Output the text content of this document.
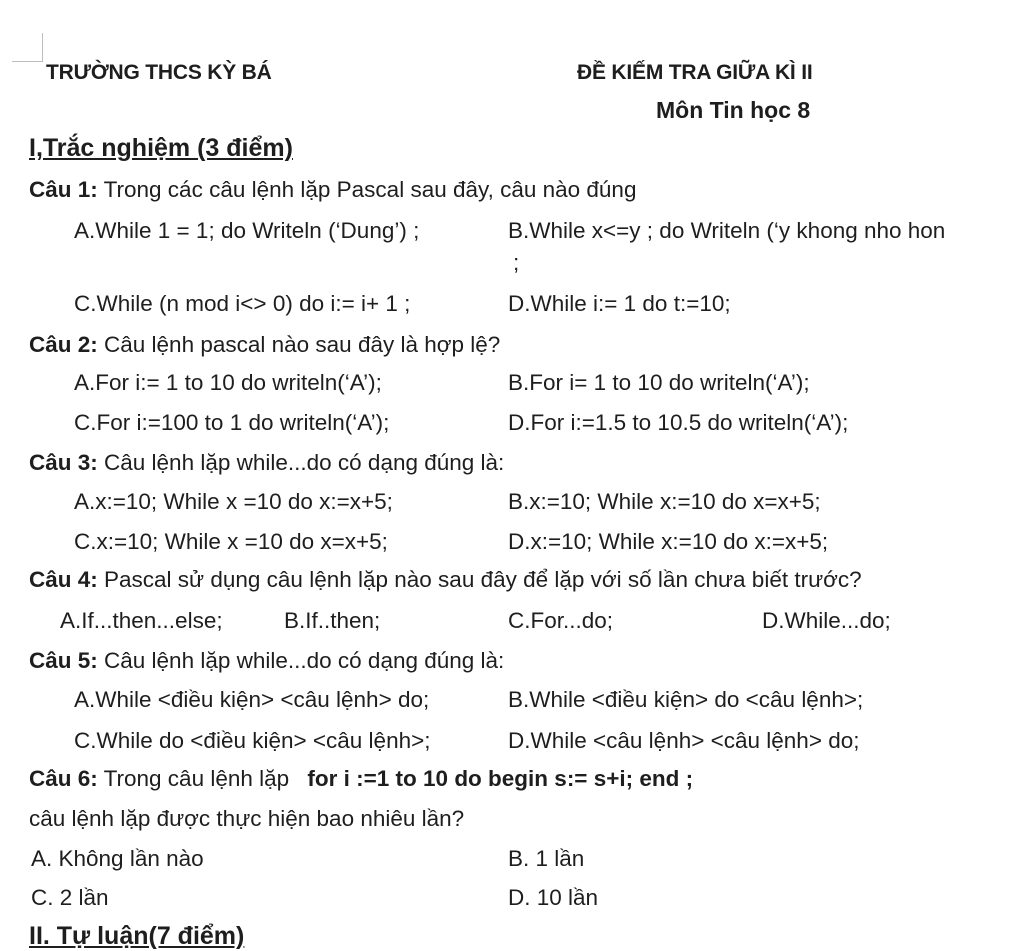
TRƯỜNG THCS KỲ BÁ	ĐỀ KIẾM TRA GIỮA KÌ II
Môn Tin học 8
I,Trắc nghiệm (3 điểm)
Câu 1: Trong các câu lệnh lặp Pascal sau đây, câu nào đúng
A.While 1 = 1; do Writeln (‘Dung’) ;	B.While x<=y ; do Writeln (‘y khong nho hon
;
C.While (n mod i<> 0) do i:= i+ 1 ;	D.While i:= 1 do t:=10;
Câu 2: Câu lệnh pascal nào sau đây là hợp lệ?
A.For i:= 1 to 10 do writeln(‘A’);	B.For i= 1 to 10 do writeln(‘A’);
C.For i:=100 to 1 do writeln(‘A’);	D.For i:=1.5 to 10.5 do writeln(‘A’);
Câu 3: Câu lệnh lặp while...do có dạng đúng là:
A.x:=10; While x =10 do x:=x+5;	B.x:=10; While x:=10 do x=x+5;
C.x:=10; While x =10 do x=x+5;	D.x:=10; While x:=10 do x:=x+5;
Câu 4: Pascal sử dụng câu lệnh lặp nào sau đây để lặp với số lần chưa biết trước?
A.If...then...else;	B.If..then;	C.For...do;	D.While...do;
Câu 5: Câu lệnh lặp while...do có dạng đúng là:
A.While <điều kiện> <câu lệnh> do;	B.While <điều kiện> do <câu lệnh>;
C.While do <điều kiện> <câu lệnh>;	D.While <câu lệnh> <câu lệnh> do;
Câu 6: Trong câu lệnh lặp for i :=1 to 10 do begin s:= s+i; end ;
câu lệnh lặp được thực hiện bao nhiêu lần?
A. Không lần nào	B. 1 lần
C. 2 lần	D. 10 lần
II. Tự luận(7 điểm)
